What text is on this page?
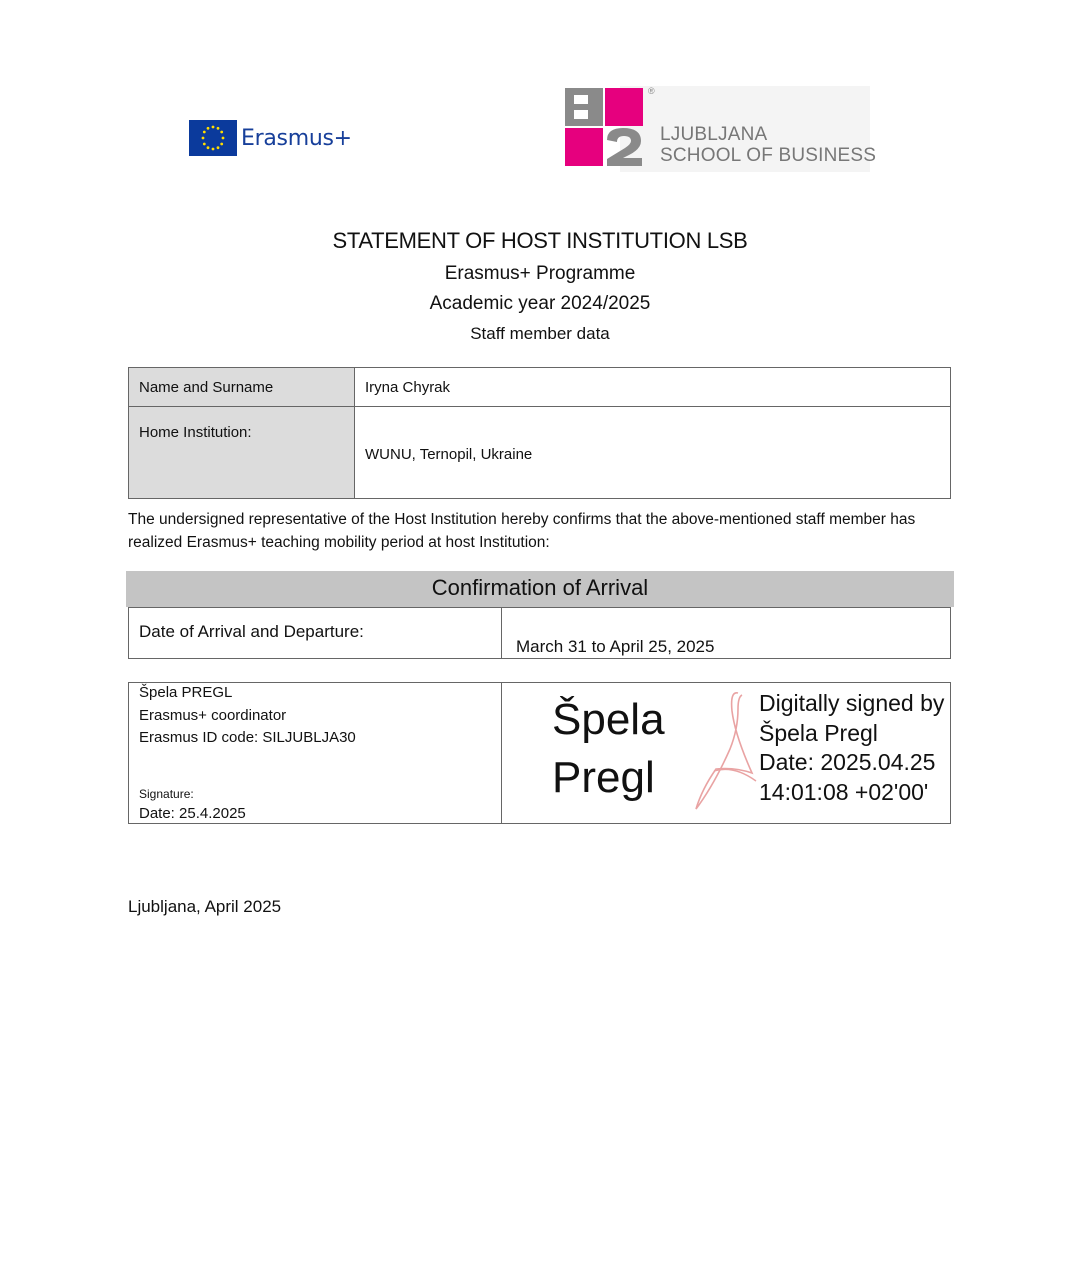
Erasmus+
®
LJUBLJANA
SCHOOL OF BUSINESS

STATEMENT OF HOST INSTITUTION LSB

Erasmus+ Programme

Academic year 2024/2025

Staff member data

Name and Surname	Iryna Chyrak
Home Institution:	WUNU, Ternopil, Ukraine
The undersigned representative of the Host Institution hereby confirms that the above-mentioned staff member has realized Erasmus+ teaching mobility period at host Institution:
Confirmation of Arrival
Date of Arrival and Departure:	March 31 to April 25, 2025
Špela PREGL
Erasmus+ coordinator
Erasmus ID code: SILJUBLJA30
Signature:
Date: 25.4.2025

Špela
Pregl
Digitally signed by
Špela Pregl
Date: 2025.04.25
14:01:08 +02'00'
Ljubljana, April 2025
